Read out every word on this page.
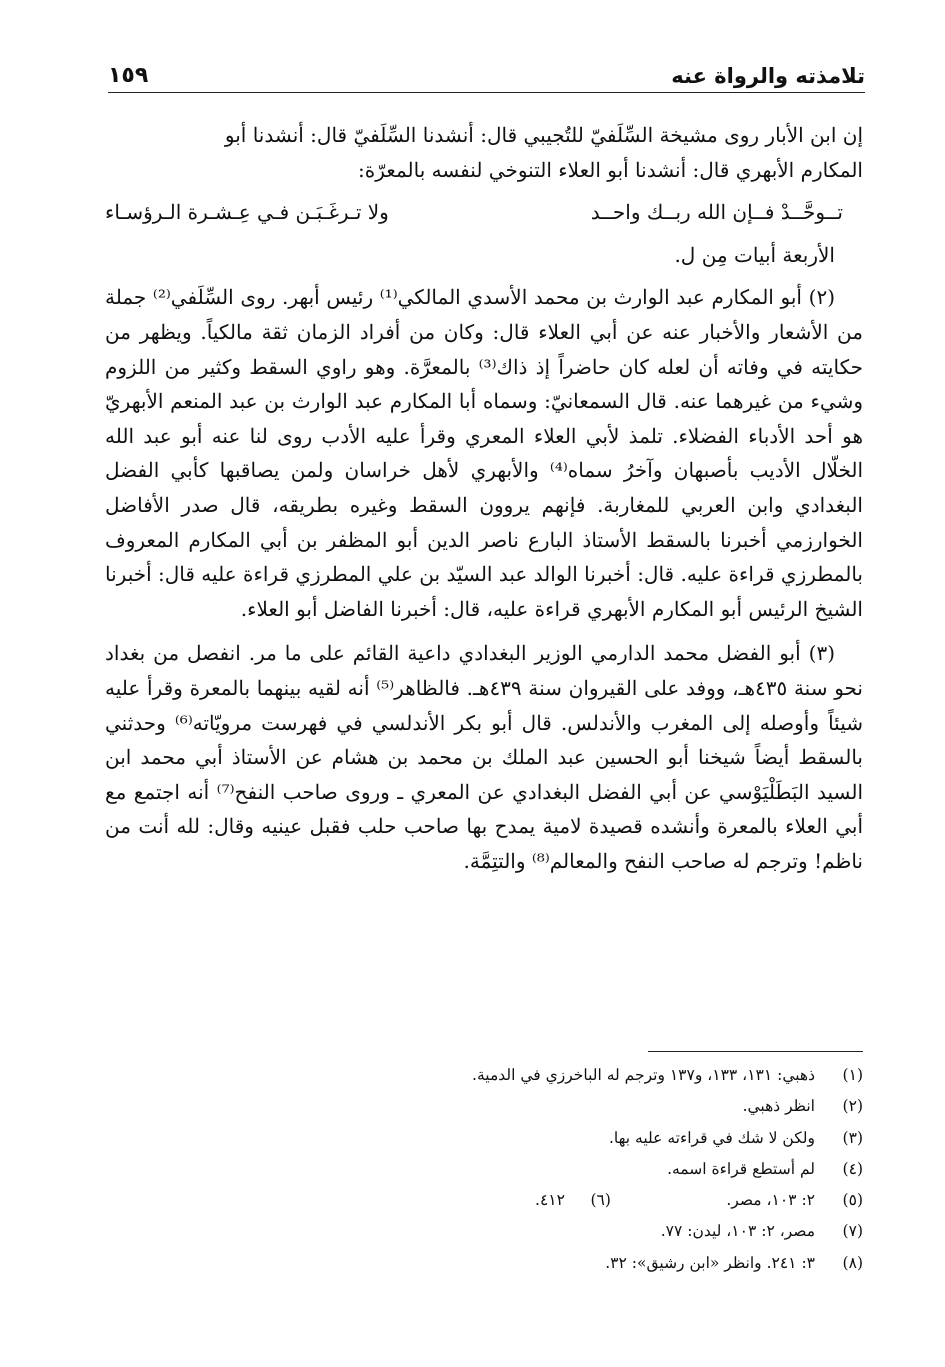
تلامذته والرواة عنه
١٥٩

إن ابن الأبار روى مشيخة السِّلَفيّ للتُجيبي قال: أنشدنا السِّلَفيّ قال: أنشدنا أبو

المكارم الأبهري قال: أنشدنا أبو العلاء التنوخي لنفسه بالمعرّة:

تــوحَّــدْ فــإن الله ربــك واحــد
ولا تـرغَـبَـن فـي عِـشـرة الـرؤسـاء

الأربعة أبيات مِن ل.

(٢) أبو المكارم عبد الوارث بن محمد الأسدي المالكي⁽¹⁾ رئيس أبهر. روى السِّلَفي⁽²⁾ جملة من الأشعار والأخبار عنه عن أبي العلاء قال: وكان من أفراد الزمان ثقة مالكياً. ويظهر من حكايته في وفاته أن لعله كان حاضراً إذ ذاك⁽³⁾ بالمعرَّة. وهو راوي السقط وكثير من اللزوم وشيء من غيرهما عنه. قال السمعانيّ: وسماه أبا المكارم عبد الوارث بن عبد المنعم الأبهريّ هو أحد الأدباء الفضلاء. تلمذ لأبي العلاء المعري وقرأ عليه الأدب روى لنا عنه أبو عبد الله الخلّال الأديب بأصبهان وآخرُ سماه⁽⁴⁾ والأبهري لأهل خراسان ولمن يصاقبها كأبي الفضل البغدادي وابن العربي للمغاربة. فإنهم يروون السقط وغيره بطريقه، قال صدر الأفاضل الخوارزمي أخبرنا بالسقط الأستاذ البارع ناصر الدين أبو المظفر بن أبي المكارم المعروف بالمطرزي قراءة عليه. قال: أخبرنا الوالد عبد السيّد بن علي المطرزي قراءة عليه قال: أخبرنا الشيخ الرئيس أبو المكارم الأبهري قراءة عليه، قال: أخبرنا الفاضل أبو العلاء.

(٣) أبو الفضل محمد الدارمي الوزير البغدادي داعية القائم على ما مر. انفصل من بغداد نحو سنة ٤٣٥هـ، ووفد على القيروان سنة ٤٣٩هـ. فالظاهر⁽⁵⁾ أنه لقيه بينهما بالمعرة وقرأ عليه شيئاً وأوصله إلى المغرب والأندلس. قال أبو بكر الأندلسي في فهرست مرويّاته⁽⁶⁾ وحدثني بالسقط أيضاً شيخنا أبو الحسين عبد الملك بن محمد بن هشام عن الأستاذ أبي محمد ابن السيد البَطَلْيَوْسي عن أبي الفضل البغدادي عن المعري ـ وروى صاحب النفح⁽⁷⁾ أنه اجتمع مع أبي العلاء بالمعرة وأنشده قصيدة لامية يمدح بها صاحب حلب فقبل عينيه وقال: لله أنت من ناظم! وترجم له صاحب النفح والمعالم⁽⁸⁾ والتتِمَّة.

(١)
ذهبي: ١٣١، ١٣٣، و١٣٧ وترجم له الباخرزي في الدمية.
(٢)
انظر ذهبي.
(٣)
ولكن لا شك في قراءته عليه بها.
(٤)
لم أستطع قراءة اسمه.
(٥)
٢: ١٠٣، مصر.
(٦)
٤١٢.
(٧)
مصر، ٢: ١٠٣، ليدن: ٧٧.
(٨)
٣: ٢٤١. وانظر «ابن رشيق»: ٣٢.
